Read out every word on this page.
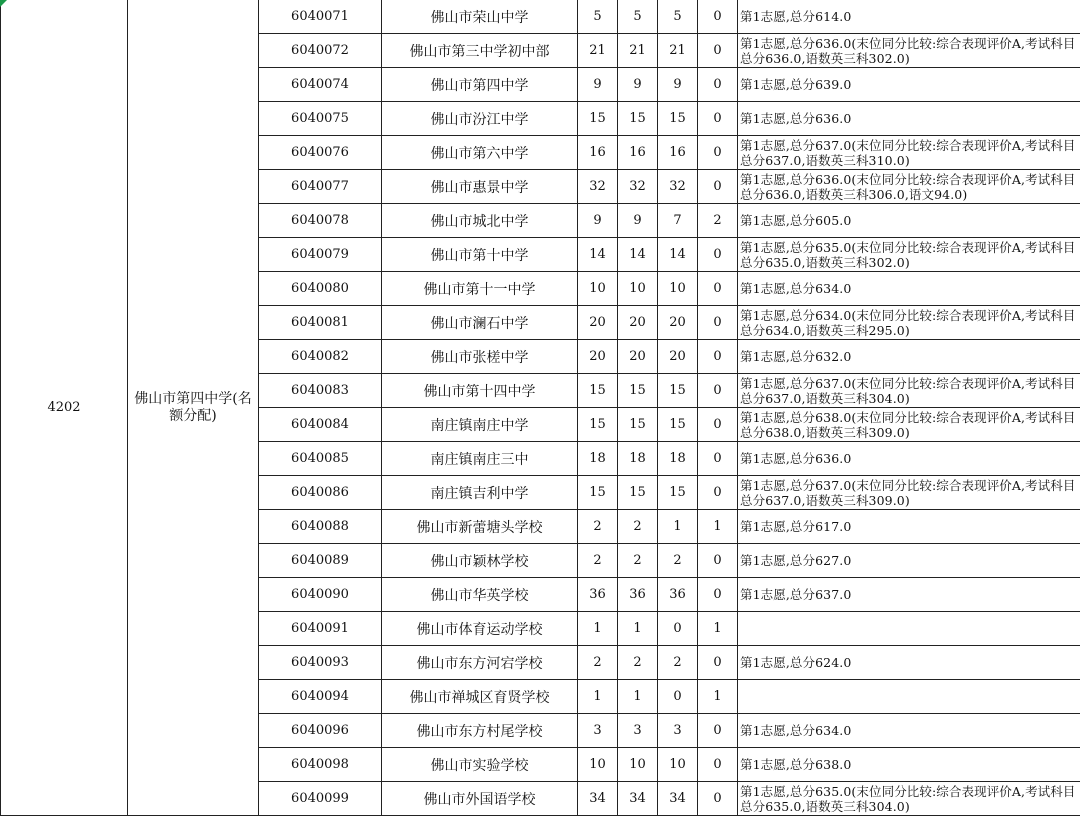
4202	佛山市第四中学(名额分配)	6040071	佛山市荣山中学	5	5	5	0	第1志愿,总分614.0
		6040072	佛山市第三中学初中部	21	21	21	0	第1志愿,总分636.0(末位同分比较:综合表现评价A,考试科目总分636.0,语数英三科302.0)
		6040074	佛山市第四中学	9	9	9	0	第1志愿,总分639.0
		6040075	佛山市汾江中学	15	15	15	0	第1志愿,总分636.0
		6040076	佛山市第六中学	16	16	16	0	第1志愿,总分637.0(末位同分比较:综合表现评价A,考试科目总分637.0,语数英三科310.0)
		6040077	佛山市惠景中学	32	32	32	0	第1志愿,总分636.0(末位同分比较:综合表现评价A,考试科目总分636.0,语数英三科306.0,语文94.0)
		6040078	佛山市城北中学	9	9	7	2	第1志愿,总分605.0
		6040079	佛山市第十中学	14	14	14	0	第1志愿,总分635.0(末位同分比较:综合表现评价A,考试科目总分635.0,语数英三科302.0)
		6040080	佛山市第十一中学	10	10	10	0	第1志愿,总分634.0
		6040081	佛山市澜石中学	20	20	20	0	第1志愿,总分634.0(末位同分比较:综合表现评价A,考试科目总分634.0,语数英三科295.0)
		6040082	佛山市张槎中学	20	20	20	0	第1志愿,总分632.0
		6040083	佛山市第十四中学	15	15	15	0	第1志愿,总分637.0(末位同分比较:综合表现评价A,考试科目总分637.0,语数英三科304.0)
		6040084	南庄镇南庄中学	15	15	15	0	第1志愿,总分638.0(末位同分比较:综合表现评价A,考试科目总分638.0,语数英三科309.0)
		6040085	南庄镇南庄三中	18	18	18	0	第1志愿,总分636.0
		6040086	南庄镇吉利中学	15	15	15	0	第1志愿,总分637.0(末位同分比较:综合表现评价A,考试科目总分637.0,语数英三科309.0)
		6040088	佛山市新蕾塘头学校	2	2	1	1	第1志愿,总分617.0
		6040089	佛山市颖林学校	2	2	2	0	第1志愿,总分627.0
		6040090	佛山市华英学校	36	36	36	0	第1志愿,总分637.0
		6040091	佛山市体育运动学校	1	1	0	1	
		6040093	佛山市东方河宕学校	2	2	2	0	第1志愿,总分624.0
		6040094	佛山市禅城区育贤学校	1	1	0	1	
		6040096	佛山市东方村尾学校	3	3	3	0	第1志愿,总分634.0
		6040098	佛山市实验学校	10	10	10	0	第1志愿,总分638.0
		6040099	佛山市外国语学校	34	34	34	0	第1志愿,总分635.0(末位同分比较:综合表现评价A,考试科目总分635.0,语数英三科304.0)
